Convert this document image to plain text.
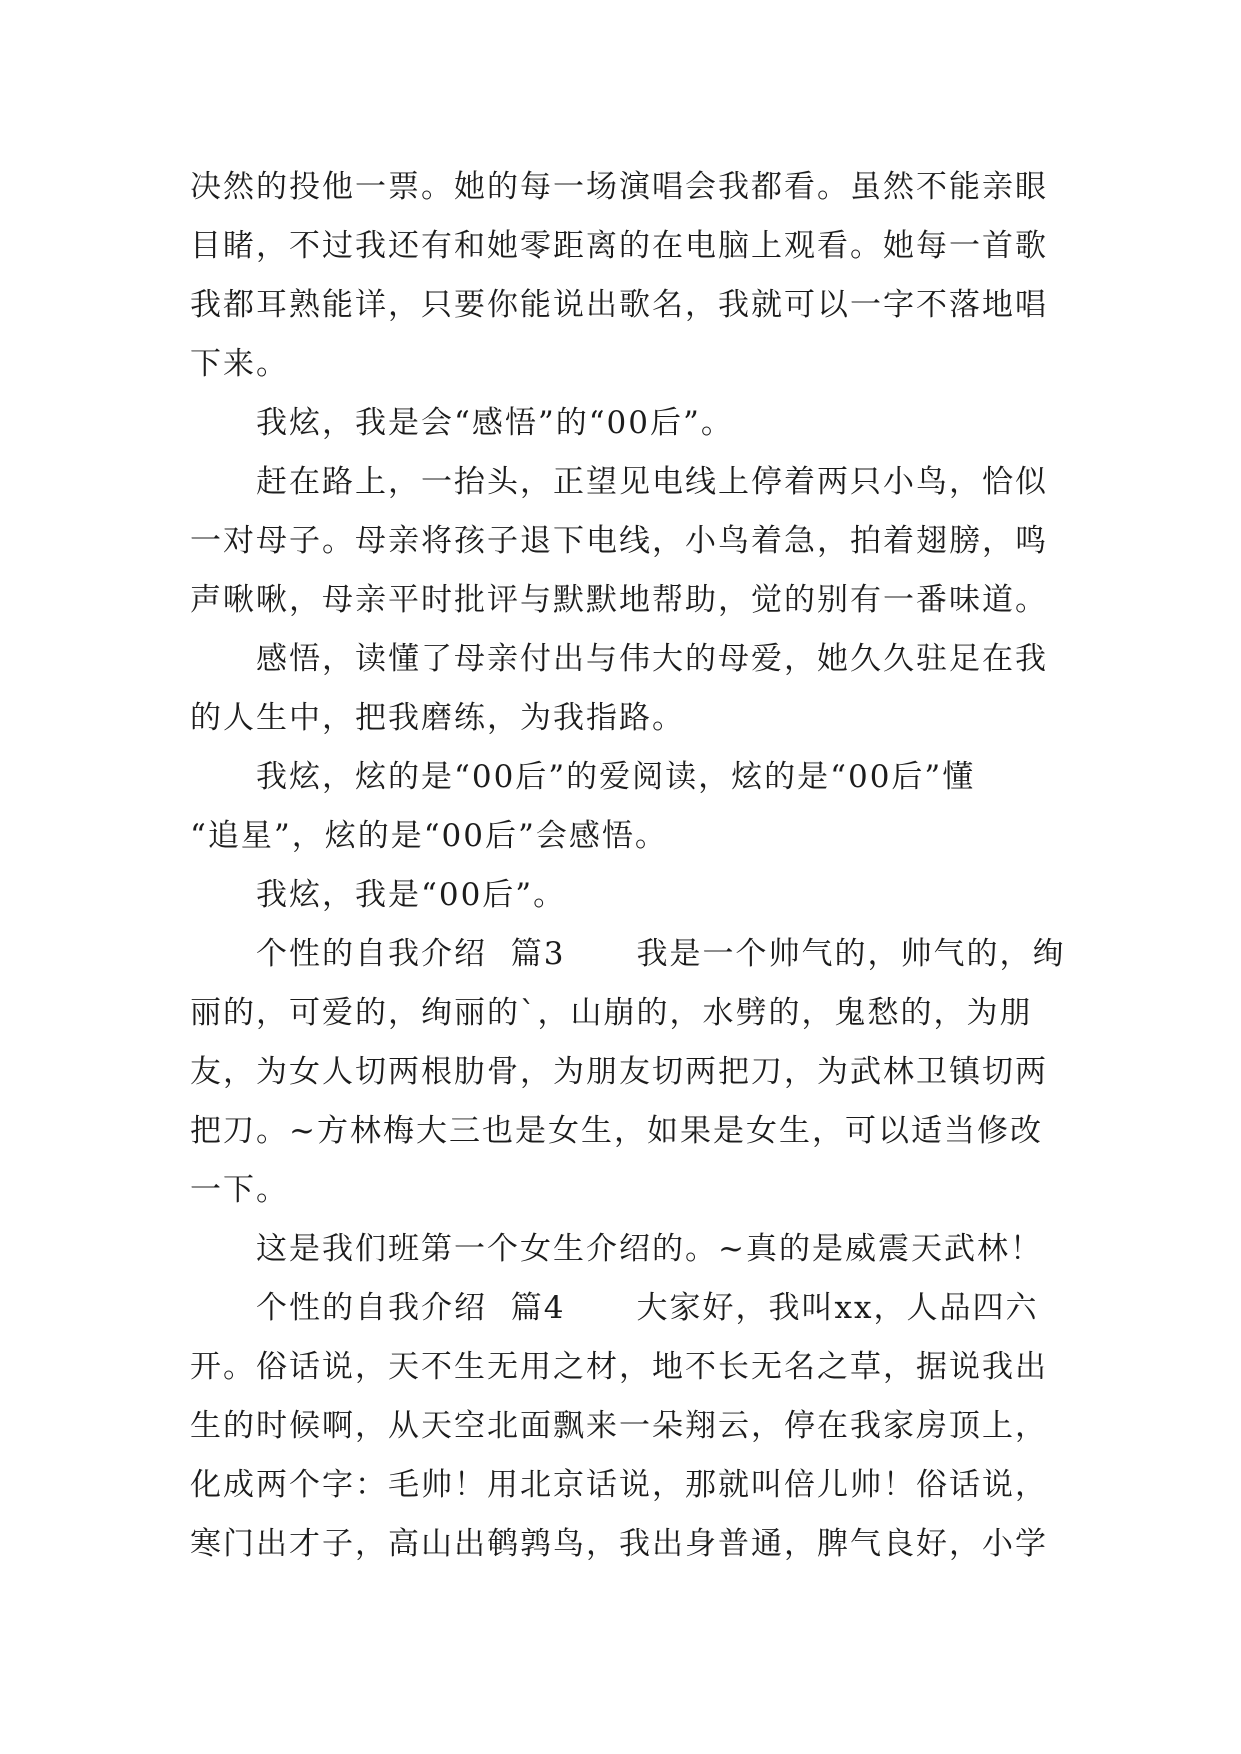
决然的投他一票。她的每一场演唱会我都看。虽然不能亲眼
目睹，不过我还有和她零距离的在电脑上观看。她每一首歌
我都耳熟能详，只要你能说出歌名，我就可以一字不落地唱
下来。
我炫，我是会“感悟”的“00后”。
赶在路上，一抬头，正望见电线上停着两只小鸟，恰似
一对母子。母亲将孩子退下电线，小鸟着急，拍着翅膀，鸣
声啾啾，母亲平时批评与默默地帮助，觉的别有一番味道。
感悟，读懂了母亲付出与伟大的母爱，她久久驻足在我
的人生中，把我磨练，为我指路。
我炫，炫的是“00后”的爱阅读，炫的是“00后”懂
“追星”，炫的是“00后”会感悟。
我炫，我是“00后”。
个性的自我介绍  篇3      我是一个帅气的，帅气的，绚
丽的，可爱的，绚丽的`，山崩的，水劈的，鬼愁的，为朋
友，为女人切两根肋骨，为朋友切两把刀，为武林卫镇切两
把刀。~方林梅大三也是女生，如果是女生，可以适当修改
一下。
这是我们班第一个女生介绍的。~真的是威震天武林！
个性的自我介绍  篇4      大家好，我叫xx，人品四六
开。俗话说，天不生无用之材，地不长无名之草，据说我出
生的时候啊，从天空北面飘来一朵翔云，停在我家房顶上，
化成两个字：毛帅！用北京话说，那就叫倍儿帅！俗话说，
寒门出才子，高山出鹌鹑鸟，我出身普通，脾气良好，小学
